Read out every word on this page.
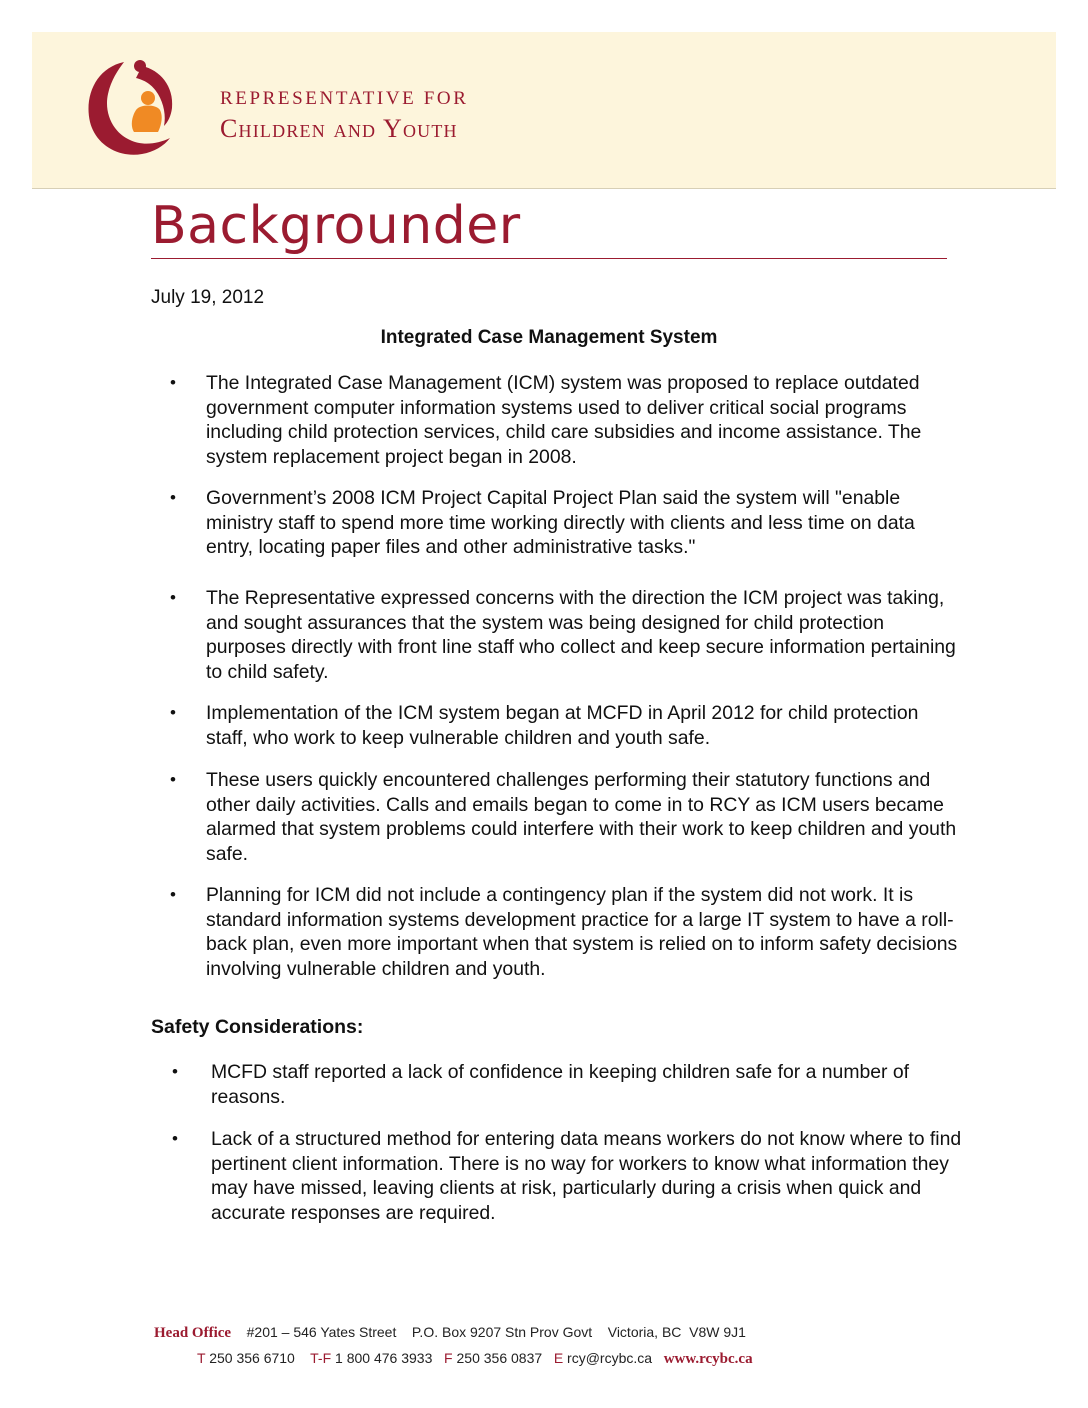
REPRESENTATIVE FOR
Children and Youth
Backgrounder
July 19, 2012
Integrated Case Management System
• The Integrated Case Management (ICM) system was proposed to replace outdated government computer information systems used to deliver critical social programs including child protection services, child care subsidies and income assistance. The system replacement project began in 2008.
• Government’s 2008 ICM Project Capital Project Plan said the system will "enable ministry staff to spend more time working directly with clients and less time on data entry, locating paper files and other administrative tasks."
• The Representative expressed concerns with the direction the ICM project was taking, and sought assurances that the system was being designed for child protection purposes directly with front line staff who collect and keep secure information pertaining to child safety.
• Implementation of the ICM system began at MCFD in April 2012 for child protection staff, who work to keep vulnerable children and youth safe.
• These users quickly encountered challenges performing their statutory functions and other daily activities. Calls and emails began to come in to RCY as ICM users became alarmed that system problems could interfere with their work to keep children and youth safe.
• Planning for ICM did not include a contingency plan if the system did not work. It is standard information systems development practice for a large IT system to have a roll-back plan, even more important when that system is relied on to inform safety decisions involving vulnerable children and youth.
Safety Considerations:
• MCFD staff reported a lack of confidence in keeping children safe for a number of reasons.
• Lack of a structured method for entering data means workers do not know where to find pertinent client information. There is no way for workers to know what information they may have missed, leaving clients at risk, particularly during a crisis when quick and accurate responses are required.
Head Office #201 – 546 Yates Street    P.O. Box 9207 Stn Prov Govt    Victoria, BC  V8W 9J1
T 250 356 6710 T-F 1 800 476 3933 F 250 356 0837 E rcy@rcybc.ca www.rcybc.ca
